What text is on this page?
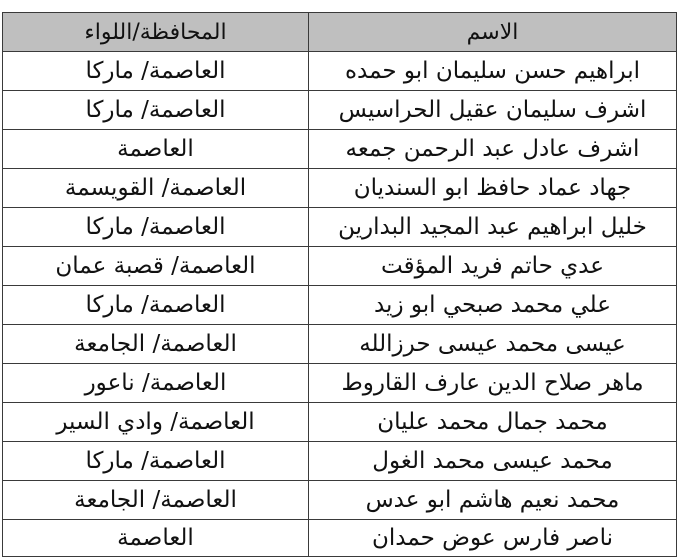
الاسم	المحافظة/اللواء
ابراهيم حسن سليمان ابو حمده	العاصمة/ ماركا
اشرف سليمان عقيل الحراسيس	العاصمة/ ماركا
اشرف عادل عبد الرحمن جمعه	العاصمة
جهاد عماد حافظ ابو السنديان	العاصمة/ القويسمة
خليل ابراهيم عبد المجيد البدارين	العاصمة/ ماركا
عدي حاتم فريد المؤقت	العاصمة/ قصبة عمان
علي محمد صبحي ابو زيد	العاصمة/ ماركا
عيسى محمد عيسى حرزالله	العاصمة/ الجامعة
ماهر صلاح الدين عارف القاروط	العاصمة/ ناعور
محمد جمال محمد عليان	العاصمة/ وادي السير
محمد عيسى محمد الغول	العاصمة/ ماركا
محمد نعيم هاشم ابو عدس	العاصمة/ الجامعة
ناصر فارس عوض حمدان	العاصمة
